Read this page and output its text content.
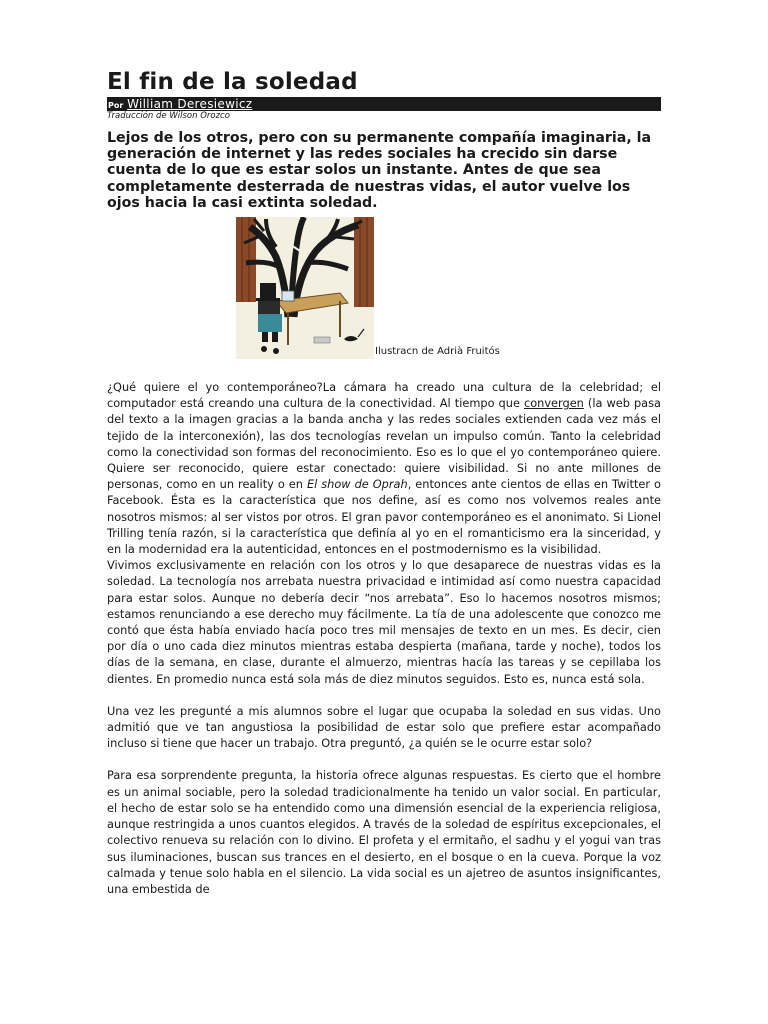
El fin de la soledad
Por William Deresiewicz
Traducción de Wilson Orozco
Lejos de los otros, pero con su permanente compañía imaginaria, la generación de internet y las redes sociales ha crecido sin darse cuenta de lo que es estar solos un instante. Antes de que sea completamente desterrada de nuestras vidas, el autor vuelve los ojos hacia la casi extinta soledad.
Ilustracn de Adrià Fruitós

¿Qué quiere el yo contemporáneo?La cámara ha creado una cultura de la celebridad; el computador está creando una cultura de la conectividad. Al tiempo que convergen (la web pasa del texto a la imagen gracias a la banda ancha y las redes sociales extienden cada vez más el tejido de la interconexión), las dos tecnologías revelan un impulso común. Tanto la celebridad como la conectividad son formas del reconocimiento. Eso es lo que el yo contemporáneo quiere. Quiere ser reconocido, quiere estar conectado: quiere visibilidad. Si no ante millones de personas, como en un reality o en El show de Oprah, entonces ante cientos de ellas en Twitter o Facebook. Ésta es la característica que nos define, así es como nos volvemos reales ante nosotros mismos: al ser vistos por otros. El gran pavor contemporáneo es el anonimato. Si Lionel Trilling tenía razón, si la característica que definía al yo en el romanticismo era la sinceridad, y en la modernidad era la autenticidad, entonces en el postmodernismo es la visibilidad.

Vivimos exclusivamente en relación con los otros y lo que desaparece de nuestras vidas es la soledad. La tecnología nos arrebata nuestra privacidad e intimidad así como nuestra capacidad para estar solos. Aunque no debería decir “nos arrebata”. Eso lo hacemos nosotros mismos; estamos renunciando a ese derecho muy fácilmente. La tía de una adolescente que conozco me contó que ésta había enviado hacía poco tres mil mensajes de texto en un mes. Es decir, cien por día o uno cada diez minutos mientras estaba despierta (mañana, tarde y noche), todos los días de la semana, en clase, durante el almuerzo, mientras hacía las tareas y se cepillaba los dientes. En promedio nunca está sola más de diez minutos seguidos. Esto es, nunca está sola.

Una vez les pregunté a mis alumnos sobre el lugar que ocupaba la soledad en sus vidas. Uno admitió que ve tan angustiosa la posibilidad de estar solo que prefiere estar acompañado incluso si tiene que hacer un trabajo. Otra preguntó, ¿a quién se le ocurre estar solo?

Para esa sorprendente pregunta, la historia ofrece algunas respuestas. Es cierto que el hombre es un animal sociable, pero la soledad tradicionalmente ha tenido un valor social. En particular, el hecho de estar solo se ha entendido como una dimensión esencial de la experiencia religiosa, aunque restringida a unos cuantos elegidos. A través de la soledad de espíritus excepcionales, el colectivo renueva su relación con lo divino. El profeta y el ermitaño, el sadhu y el yogui van tras sus iluminaciones, buscan sus trances en el desierto, en el bosque o en la cueva. Porque la voz calmada y tenue solo habla en el silencio. La vida social es un ajetreo de asuntos insignificantes, una embestida de
